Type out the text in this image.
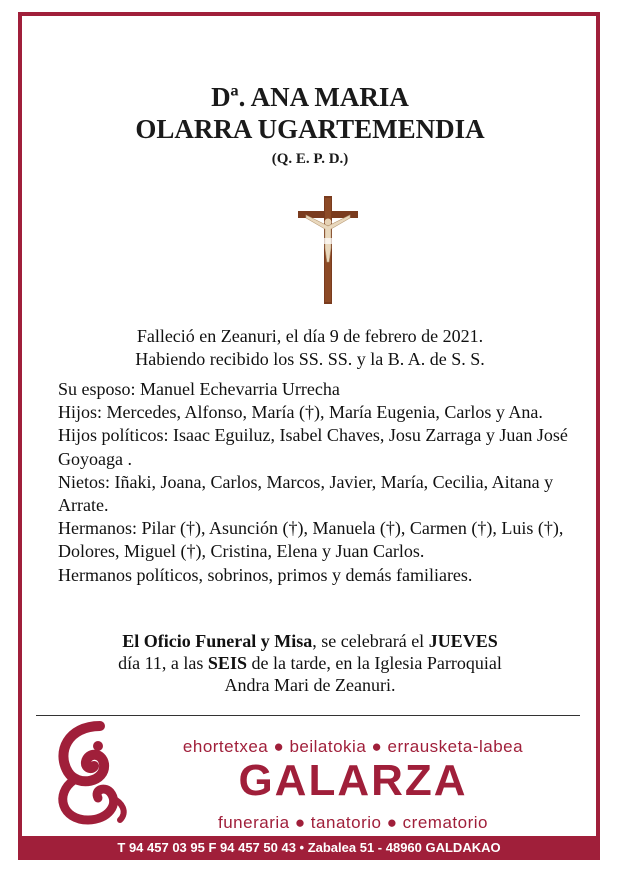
Dª. ANA MARIA
OLARRA UGARTEMENDIA
(Q. E. P. D.)
Falleció en Zeanuri, el día 9 de febrero de 2021.
Habiendo recibido los SS. SS. y la B. A. de S. S.
Su esposo: Manuel Echevarria Urrecha
Hijos: Mercedes, Alfonso, María (†), María Eugenia, Carlos y Ana.
Hijos políticos: Isaac Eguiluz, Isabel Chaves, Josu Zarraga y Juan José Goyoaga .
Nietos: Iñaki, Joana, Carlos, Marcos, Javier, María, Cecilia, Aitana y Arrate.
Hermanos: Pilar (†), Asunción (†), Manuela (†), Carmen (†), Luis (†), Dolores, Miguel (†), Cristina, Elena y Juan Carlos.
Hermanos políticos, sobrinos, primos y demás familiares.
El Oficio Funeral y Misa, se celebrará el JUEVES
día 11, a las SEIS de la tarde, en la Iglesia Parroquial
Andra Mari de Zeanuri.
ehortetxea ● beilatokia ● errausketa-labea
GALARZA
funeraria ● tanatorio ● crematorio
T 94 457 03 95 F 94 457 50 43 • Zabalea 51 - 48960 GALDAKAO
